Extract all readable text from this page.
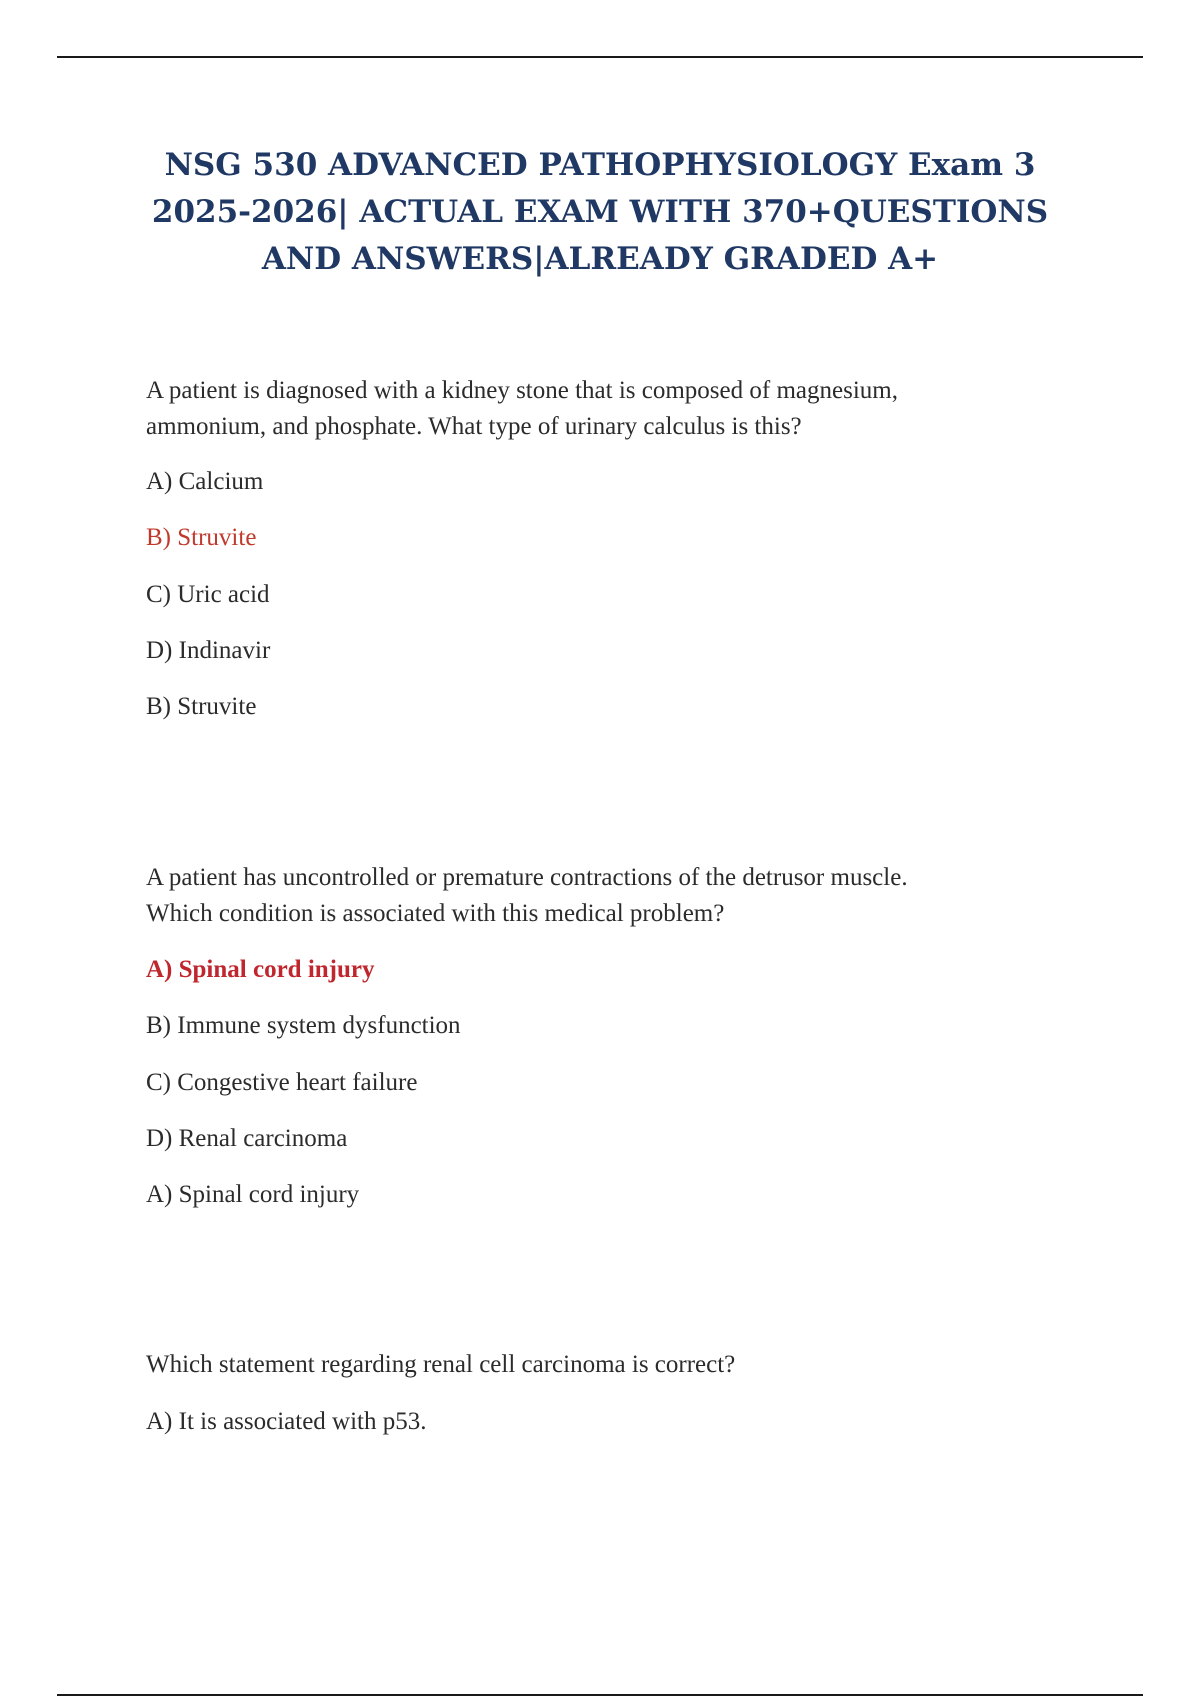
NSG 530 ADVANCED PATHOPHYSIOLOGY Exam 3
2025-2026| ACTUAL EXAM WITH 370+QUESTIONS
AND ANSWERS|ALREADY GRADED A+

A patient is diagnosed with a kidney stone that is composed of magnesium,
ammonium, and phosphate. What type of urinary calculus is this?

A) Calcium

B) Struvite

C) Uric acid

D) Indinavir

B) Struvite

A patient has uncontrolled or premature contractions of the detrusor muscle.
Which condition is associated with this medical problem?

A) Spinal cord injury

B) Immune system dysfunction

C) Congestive heart failure

D) Renal carcinoma

A) Spinal cord injury

Which statement regarding renal cell carcinoma is correct?

A) It is associated with p53.
